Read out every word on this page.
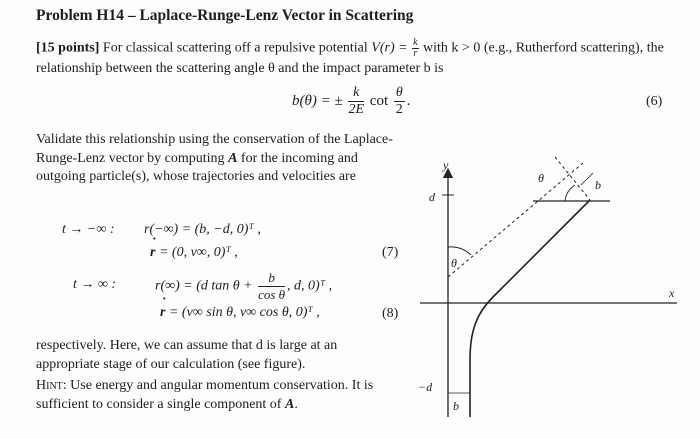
Problem H14 – Laplace-Runge-Lenz Vector in Scattering
[15 points] For classical scattering off a repulsive potential $V(r) = \frac{k}{r}$ with k > 0 (e.g., Rutherford scattering), the relationship between the scattering angle θ and the impact parameter b is
b(θ) = ± $\frac{k}{2E}$ $\cot \frac{\theta}{2}$ .	(6)
Validate this relationship using the conservation of the Laplace-Runge-Lenz vector by computing A for the incoming and outgoing particle(s), whose trajectories and velocities are
t → −∞ : r(−∞) = (b, −d, 0)ᵀ ,
r ˙ = (0, v∞, 0)ᵀ ,	(7)
t → ∞ :	r(∞) = (d $\tan \theta + \frac{b}{\text{cos θ}}$ , d, 0)ᵀ ,
r ˙ = (v∞ sin θ, v∞ cos θ, 0)ᵀ ,	(8)
respectively. Here, we can assume that d is large at an appropriate stage of our calculation (see figure).
Hint: Use energy and angular momentum conservation. It is sufficient to consider a single component of A.
y
x
d
−d
b
θ
θ
b
